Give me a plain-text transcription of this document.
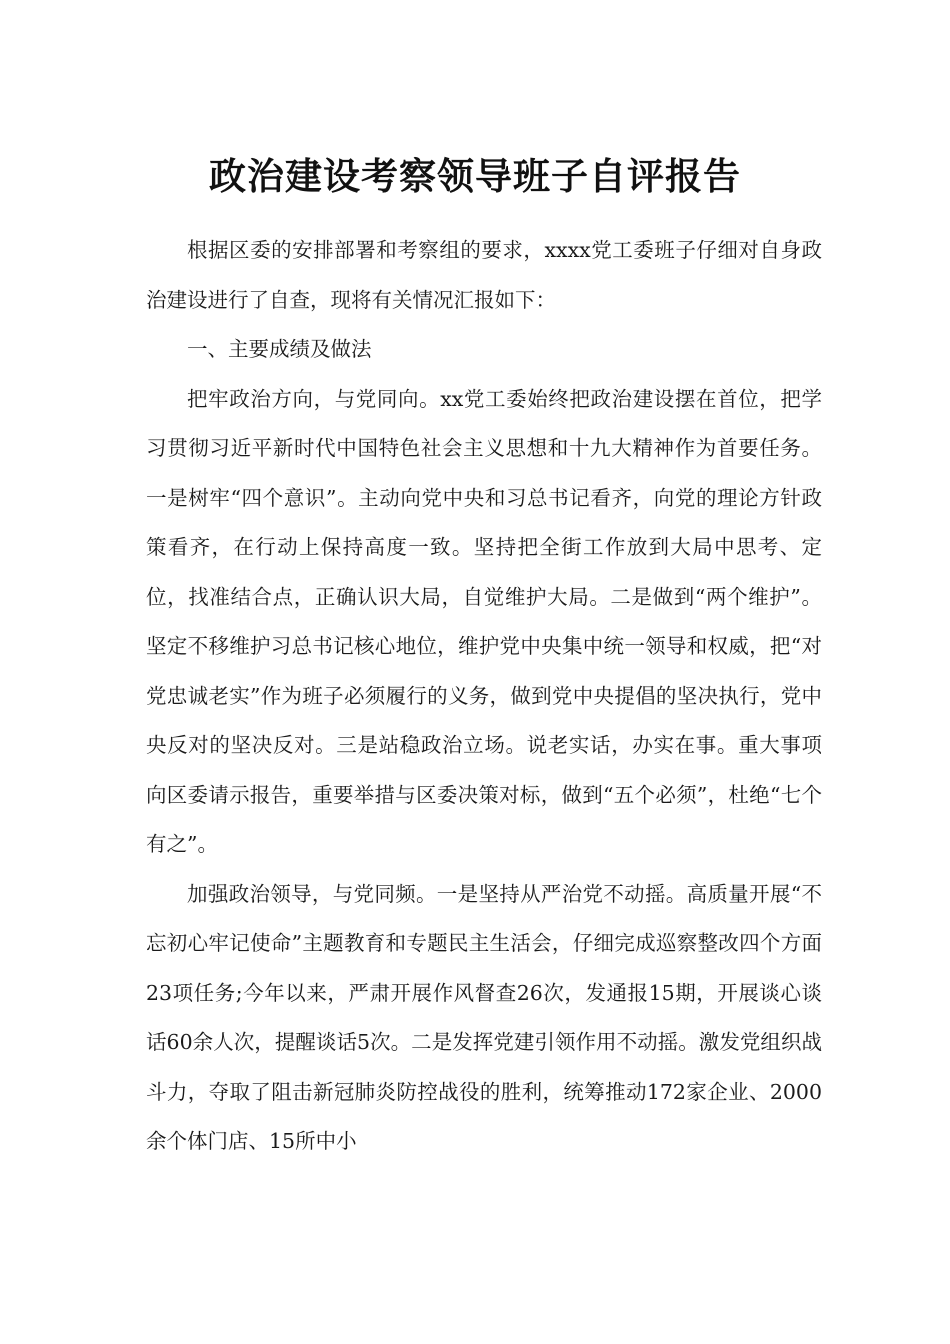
政治建设考察领导班子自评报告

根据区委的安排部署和考察组的要求，xxxx党工委班子仔细对自身政治建设进行了自查，现将有关情况汇报如下：

一、主要成绩及做法

把牢政治方向，与党同向。xx党工委始终把政治建设摆在首位，把学习贯彻习近平新时代中国特色社会主义思想和十九大精神作为首要任务。一是树牢“四个意识”。主动向党中央和习总书记看齐，向党的理论方针政策看齐，在行动上保持高度一致。坚持把全街工作放到大局中思考、定位，找准结合点，正确认识大局，自觉维护大局。二是做到“两个维护”。坚定不移维护习总书记核心地位，维护党中央集中统一领导和权威，把“对党忠诚老实”作为班子必须履行的义务，做到党中央提倡的坚决执行，党中央反对的坚决反对。三是站稳政治立场。说老实话，办实在事。重大事项向区委请示报告，重要举措与区委决策对标，做到“五个必须”，杜绝“七个有之”。

加强政治领导，与党同频。一是坚持从严治党不动摇。高质量开展“不忘初心牢记使命”主题教育和专题民主生活会，仔细完成巡察整改四个方面23项任务;今年以来，严肃开展作风督查26次，发通报15期，开展谈心谈话60余人次，提醒谈话5次。二是发挥党建引领作用不动摇。激发党组织战斗力，夺取了阻击新冠肺炎防控战役的胜利，统筹推动172家企业、2000余个体门店、15所中小
